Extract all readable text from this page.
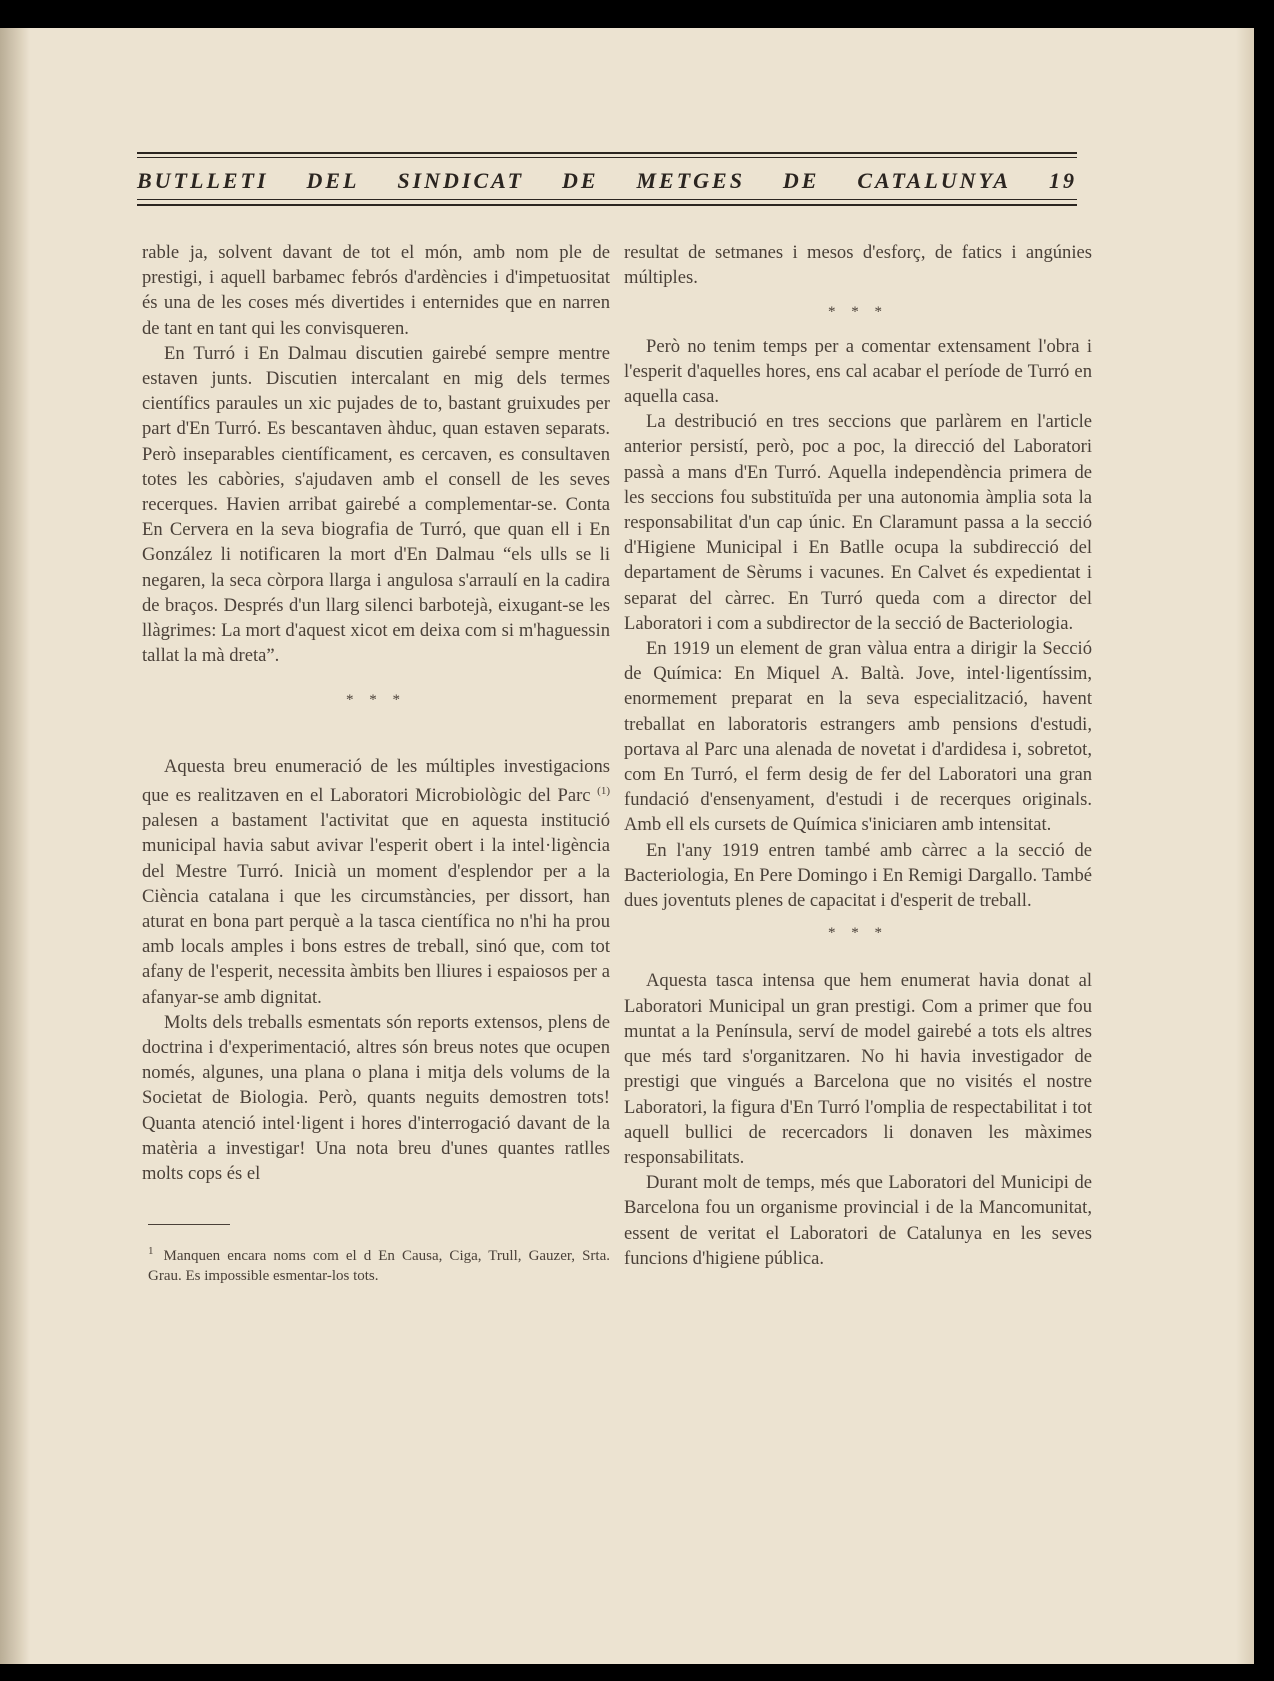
BUTLLETI DEL SINDICAT DE METGES DE CATALUNYA 19

rable ja, solvent davant de tot el món, amb nom ple de prestigi, i aquell barbamec febrós d'ardències i d'impetuositat és una de les coses més divertides i enternides que en narren de tant en tant qui les convisqueren.

En Turró i En Dalmau discutien gairebé sempre mentre estaven junts. Discutien intercalant en mig dels termes científics paraules un xic pujades de to, bastant gruixudes per part d'En Turró. Es bescantaven àhduc, quan estaven separats. Però inseparables científicament, es cercaven, es consultaven totes les cabòries, s'ajudaven amb el consell de les seves recerques. Havien arribat gairebé a complementar-se. Conta En Cervera en la seva biografia de Turró, que quan ell i En González li notificaren la mort d'En Dalmau “els ulls se li negaren, la seca còrpora llarga i angulosa s'arraulí en la cadira de braços. Després d'un llarg silenci barbotejà, eixugant-se les llàgrimes: La mort d'aquest xicot em deixa com si m'haguessin tallat la mà dreta”.

* * *

Aquesta breu enumeració de les múltiples investigacions que es realitzaven en el Laboratori Microbiològic del Parc $^{(1)}$ palesen a bastament l'activitat que en aquesta institució municipal havia sabut avivar l'esperit obert i la intel·ligència del Mestre Turró. Inicià un moment d'esplendor per a la Ciència catalana i que les circumstàncies, per dissort, han aturat en bona part perquè a la tasca científica no n'hi ha prou amb locals amples i bons estres de treball, sinó que, com tot afany de l'esperit, necessita àmbits ben lliures i espaiosos per a afanyar-se amb dignitat.

Molts dels treballs esmentats són reports extensos, plens de doctrina i d'experimentació, altres són breus notes que ocupen només, algunes, una plana o plana i mitja dels volums de la Societat de Biologia. Però, quants neguits demostren tots! Quanta atenció intel·ligent i hores d'interrogació davant de la matèria a investigar! Una nota breu d'unes quantes ratlles molts cops és el

$^1$ Manquen encara noms com el d En Causa, Ciga, Trull, Gauzer, Srta. Grau. Es impossible esmentar-los tots.

resultat de setmanes i mesos d'esforç, de fatics i angúnies múltiples.

* * *

Però no tenim temps per a comentar extensament l'obra i l'esperit d'aquelles hores, ens cal acabar el període de Turró en aquella casa.

La destribució en tres seccions que parlàrem en l'article anterior persistí, però, poc a poc, la direcció del Laboratori passà a mans d'En Turró. Aquella independència primera de les seccions fou substituïda per una autonomia àmplia sota la responsabilitat d'un cap únic. En Claramunt passa a la secció d'Higiene Municipal i En Batlle ocupa la subdirecció del departament de Sèrums i vacunes. En Calvet és expedientat i separat del càrrec. En Turró queda com a director del Laboratori i com a subdirector de la secció de Bacteriologia.

En 1919 un element de gran vàlua entra a dirigir la Secció de Química: En Miquel A. Baltà. Jove, intel·ligentíssim, enormement preparat en la seva especialització, havent treballat en laboratoris estrangers amb pensions d'estudi, portava al Parc una alenada de novetat i d'ardidesa i, sobretot, com En Turró, el ferm desig de fer del Laboratori una gran fundació d'ensenyament, d'estudi i de recerques originals. Amb ell els cursets de Química s'iniciaren amb intensitat.

En l'any 1919 entren també amb càrrec a la secció de Bacteriologia, En Pere Domingo i En Remigi Dargallo. També dues joventuts plenes de capacitat i d'esperit de treball.

* * *

Aquesta tasca intensa que hem enumerat havia donat al Laboratori Municipal un gran prestigi. Com a primer que fou muntat a la Península, serví de model gairebé a tots els altres que més tard s'organitzaren. No hi havia investigador de prestigi que vingués a Barcelona que no visités el nostre Laboratori, la figura d'En Turró l'omplia de respectabilitat i tot aquell bullici de recercadors li donaven les màximes responsabilitats.

Durant molt de temps, més que Laboratori del Municipi de Barcelona fou un organisme provincial i de la Mancomunitat, essent de veritat el Laboratori de Catalunya en les seves funcions d'higiene pública.
